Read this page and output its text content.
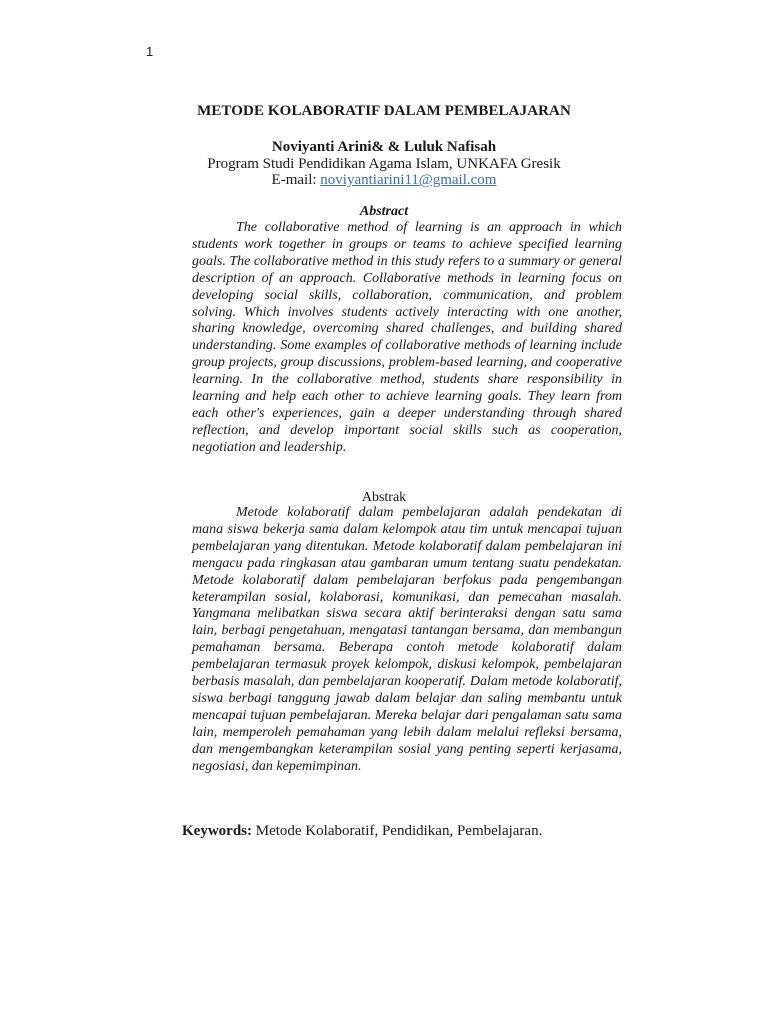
1
METODE KOLABORATIF DALAM PEMBELAJARAN
Noviyanti Arini& & Luluk Nafisah
Program Studi Pendidikan Agama Islam, UNKAFA Gresik
E-mail: noviyantiarini11@gmail.com
Abstract

The collaborative method of learning is an approach in which students work together in groups or teams to achieve specified learning goals. The collaborative method in this study refers to a summary or general description of an approach. Collaborative methods in learning focus on developing social skills, collaboration, communication, and problem solving. Which involves students actively interacting with one another, sharing knowledge, overcoming shared challenges, and building shared understanding. Some examples of collaborative methods of learning include group projects, group discussions, problem-based learning, and cooperative learning. In the collaborative method, students share responsibility in learning and help each other to achieve learning goals. They learn from each other's experiences, gain a deeper understanding through shared reflection, and develop important social skills such as cooperation, negotiation and leadership.

Abstrak

Metode kolaboratif dalam pembelajaran adalah pendekatan di mana siswa bekerja sama dalam kelompok atau tim untuk mencapai tujuan pembelajaran yang ditentukan. Metode kolaboratif dalam pembelajaran ini mengacu pada ringkasan atau gambaran umum tentang suatu pendekatan. Metode kolaboratif dalam pembelajaran berfokus pada pengembangan keterampilan sosial, kolaborasi, komunikasi, dan pemecahan masalah. Yangmana melibatkan siswa secara aktif berinteraksi dengan satu sama lain, berbagi pengetahuan, mengatasi tantangan bersama, dan membangun pemahaman bersama. Beberapa contoh metode kolaboratif dalam pembelajaran termasuk proyek kelompok, diskusi kelompok, pembelajaran berbasis masalah, dan pembelajaran kooperatif. Dalam metode kolaboratif, siswa berbagi tanggung jawab dalam belajar dan saling membantu untuk mencapai tujuan pembelajaran. Mereka belajar dari pengalaman satu sama lain, memperoleh pemahaman yang lebih dalam melalui refleksi bersama, dan mengembangkan keterampilan sosial yang penting seperti kerjasama, negosiasi, dan kepemimpinan.

Keywords: Metode Kolaboratif, Pendidikan, Pembelajaran.
